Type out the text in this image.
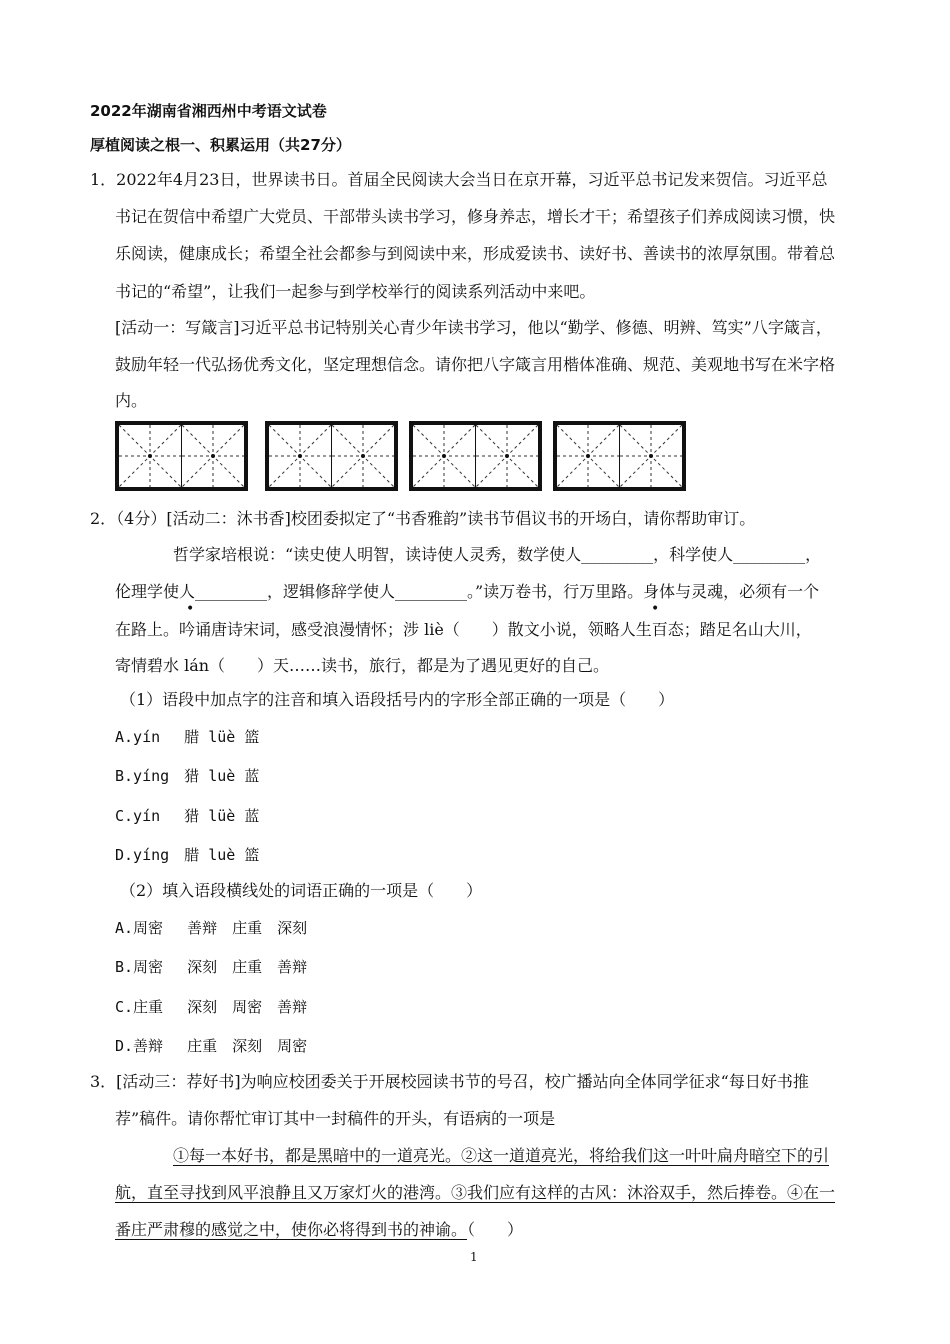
2022年湖南省湘西州中考语文试卷
厚植阅读之根一、积累运用（共27分）
1．2022年4月23日，世界读书日。首届全民阅读大会当日在京开幕，习近平总书记发来贺信。习近平总
书记在贺信中希望广大党员、干部带头读书学习，修身养志，增长才干；希望孩子们养成阅读习惯，快
乐阅读，健康成长；希望全社会都参与到阅读中来，形成爱读书、读好书、善读书的浓厚氛围。带着总
书记的“希望”，让我们一起参与到学校举行的阅读系列活动中来吧。
[活动一：写箴言]习近平总书记特别关心青少年读书学习，他以“勤学、修德、明辨、笃实”八字箴言，
鼓励年轻一代弘扬优秀文化，坚定理想信念。请你把八字箴言用楷体准确、规范、美观地书写在米字格
内。
2．（4分）[活动二：沐书香]校团委拟定了“书香雅韵”读书节倡议书的开场白，请你帮助审订。
哲学家培根说：“读史使人明智，读诗使人灵秀，数学使人_________，科学使人_________，
伦理学使人_________，逻辑修辞学使人_________。”读万卷书，行万里路。身体与灵魂，必须有一个
•	•
在路上。吟诵唐诗宋词，感受浪漫情怀；涉 liè（　　）散文小说，领略人生百态；踏足名山大川，
寄情碧水 lán（　　）天……读书，旅行，都是为了遇见更好的自己。
（1）语段中加点字的注音和填入语段括号内的字形全部正确的一项是（　　）
A.yín　 腊 lüè 篮
B.yíng　猎 luè 蓝
C.yín　 猎 lüè 蓝
D.yíng　腊 luè 篮
（2）填入语段横线处的词语正确的一项是（　　）
A.周密　 善辩　庄重　深刻
B.周密　 深刻　庄重　善辩
C.庄重　 深刻　周密　善辩
D.善辩　 庄重　深刻　周密
3．[活动三：荐好书]为响应校团委关于开展校园读书节的号召，校广播站向全体同学征求“每日好书推
荐”稿件。请你帮忙审订其中一封稿件的开头，有语病的一项是
①每一本好书，都是黑暗中的一道亮光。②这一道道亮光，将给我们这一叶叶扁舟暗空下的引
航，直至寻找到风平浪静且又万家灯火的港湾。③我们应有这样的古风：沐浴双手，然后捧卷。④在一
番庄严肃穆的感觉之中，使你必将得到书的神谕。（　　）
1
